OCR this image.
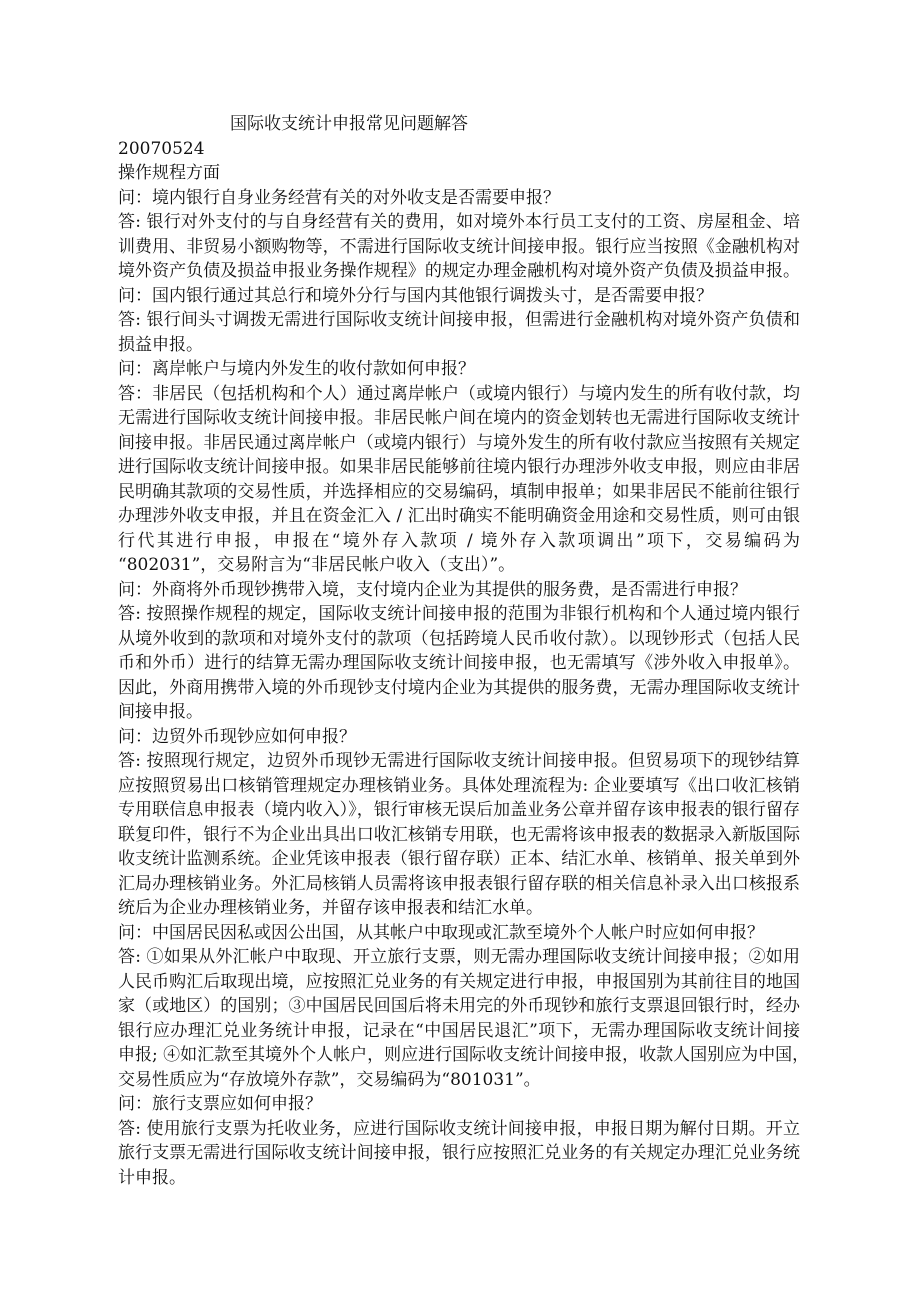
国际收支统计申报常见问题解答
20070524
操作规程方面
问：境内银行自身业务经营有关的对外收支是否需要申报？
答: 银行对外支付的与自身经营有关的费用，如对境外本行员工支付的工资、房屋租金、培
训费用、非贸易小额购物等，不需进行国际收支统计间接申报。银行应当按照《金融机构对
境外资产负债及损益申报业务操作规程》的规定办理金融机构对境外资产负债及损益申报。
问：国内银行通过其总行和境外分行与国内其他银行调拨头寸，是否需要申报？
答: 银行间头寸调拨无需进行国际收支统计间接申报，但需进行金融机构对境外资产负债和
损益申报。
问：离岸帐户与境内外发生的收付款如何申报？
答：非居民（包括机构和个人）通过离岸帐户（或境内银行）与境内发生的所有收付款，均
无需进行国际收支统计间接申报。非居民帐户间在境内的资金划转也无需进行国际收支统计
间接申报。非居民通过离岸帐户（或境内银行）与境外发生的所有收付款应当按照有关规定
进行国际收支统计间接申报。如果非居民能够前往境内银行办理涉外收支申报，则应由非居
民明确其款项的交易性质，并选择相应的交易编码，填制申报单；如果非居民不能前往银行
办理涉外收支申报，并且在资金汇入 / 汇出时确实不能明确资金用途和交易性质，则可由银
行代其进行申报，申报在“境外存入款项 / 境外存入款项调出”项下，交易编码为
“802031”，交易附言为“非居民帐户收入（支出）”。
问：外商将外币现钞携带入境，支付境内企业为其提供的服务费，是否需进行申报？
答: 按照操作规程的规定，国际收支统计间接申报的范围为非银行机构和个人通过境内银行
从境外收到的款项和对境外支付的款项（包括跨境人民币收付款）。以现钞形式（包括人民
币和外币）进行的结算无需办理国际收支统计间接申报，也无需填写《涉外收入申报单》。
因此，外商用携带入境的外币现钞支付境内企业为其提供的服务费，无需办理国际收支统计
间接申报。
问：边贸外币现钞应如何申报？
答: 按照现行规定，边贸外币现钞无需进行国际收支统计间接申报。但贸易项下的现钞结算
应按照贸易出口核销管理规定办理核销业务。具体处理流程为: 企业要填写《出口收汇核销
专用联信息申报表（境内收入）》，银行审核无误后加盖业务公章并留存该申报表的银行留存
联复印件，银行不为企业出具出口收汇核销专用联，也无需将该申报表的数据录入新版国际
收支统计监测系统。企业凭该申报表（银行留存联）正本、结汇水单、核销单、报关单到外
汇局办理核销业务。外汇局核销人员需将该申报表银行留存联的相关信息补录入出口核报系
统后为企业办理核销业务，并留存该申报表和结汇水单。
问：中国居民因私或因公出国，从其帐户中取现或汇款至境外个人帐户时应如何申报？
答: ①如果从外汇帐户中取现、开立旅行支票，则无需办理国际收支统计间接申报；②如用
人民币购汇后取现出境，应按照汇兑业务的有关规定进行申报，申报国别为其前往目的地国
家（或地区）的国别；③中国居民回国后将未用完的外币现钞和旅行支票退回银行时，经办
银行应办理汇兑业务统计申报，记录在“中国居民退汇”项下，无需办理国际收支统计间接
申报; ④如汇款至其境外个人帐户，则应进行国际收支统计间接申报，收款人国别应为中国，
交易性质应为“存放境外存款”，交易编码为“801031”。
问：旅行支票应如何申报？
答: 使用旅行支票为托收业务，应进行国际收支统计间接申报，申报日期为解付日期。开立
旅行支票无需进行国际收支统计间接申报，银行应按照汇兑业务的有关规定办理汇兑业务统
计申报。
